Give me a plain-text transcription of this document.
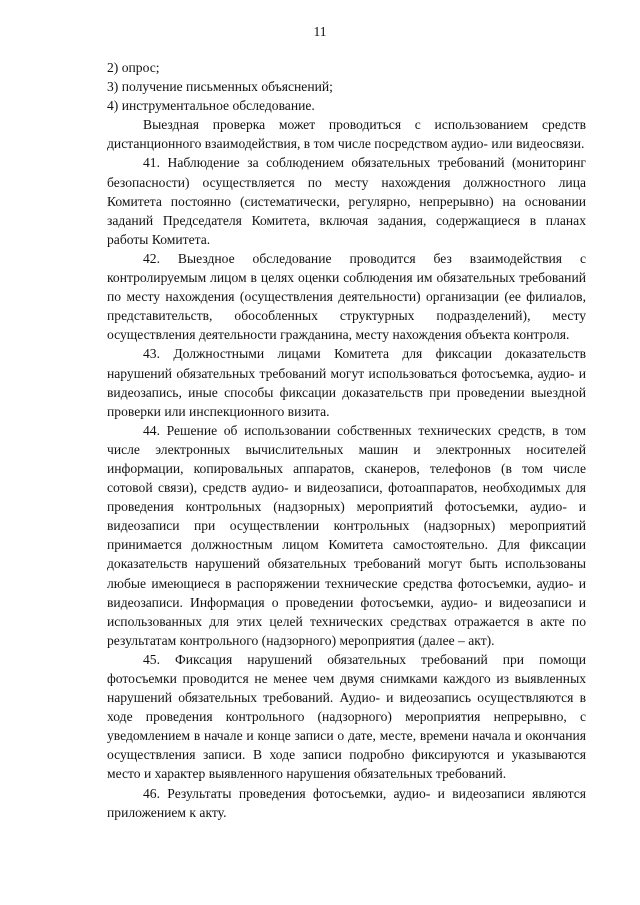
11

2) опрос;

3) получение письменных объяснений;

4) инструментальное обследование.

Выездная проверка может проводиться с использованием средств дистанционного взаимодействия, в том числе посредством аудио- или видеосвязи.

41. Наблюдение за соблюдением обязательных требований (мониторинг безопасности) осуществляется по месту нахождения должностного лица Комитета постоянно (систематически, регулярно, непрерывно) на основании заданий Председателя Комитета, включая задания, содержащиеся в планах работы Комитета.

42. Выездное обследование проводится без взаимодействия с контролируемым лицом в целях оценки соблюдения им обязательных требований по месту нахождения (осуществления деятельности) организации (ее филиалов, представительств, обособленных структурных подразделений), месту осуществления деятельности гражданина, месту нахождения объекта контроля.

43. Должностными лицами Комитета для фиксации доказательств нарушений обязательных требований могут использоваться фотосъемка, аудио- и видеозапись, иные способы фиксации доказательств при проведении выездной проверки или инспекционного визита.

44. Решение об использовании собственных технических средств, в том числе электронных вычислительных машин и электронных носителей информации, копировальных аппаратов, сканеров, телефонов (в том числе сотовой связи), средств аудио- и видеозаписи, фотоаппаратов, необходимых для проведения контрольных (надзорных) мероприятий фотосъемки, аудио- и видеозаписи при осуществлении контрольных (надзорных) мероприятий принимается должностным лицом Комитета самостоятельно. Для фиксации доказательств нарушений обязательных требований могут быть использованы любые имеющиеся в распоряжении технические средства фотосъемки, аудио- и видеозаписи. Информация о проведении фотосъемки, аудио- и видеозаписи и использованных для этих целей технических средствах отражается в акте по результатам контрольного (надзорного) мероприятия (далее – акт).

45. Фиксация нарушений обязательных требований при помощи фотосъемки проводится не менее чем двумя снимками каждого из выявленных нарушений обязательных требований. Аудио- и видеозапись осуществляются в ходе проведения контрольного (надзорного) мероприятия непрерывно, с уведомлением в начале и конце записи о дате, месте, времени начала и окончания осуществления записи. В ходе записи подробно фиксируются и указываются место и характер выявленного нарушения обязательных требований.

46. Результаты проведения фотосъемки, аудио- и видеозаписи являются приложением к акту.
